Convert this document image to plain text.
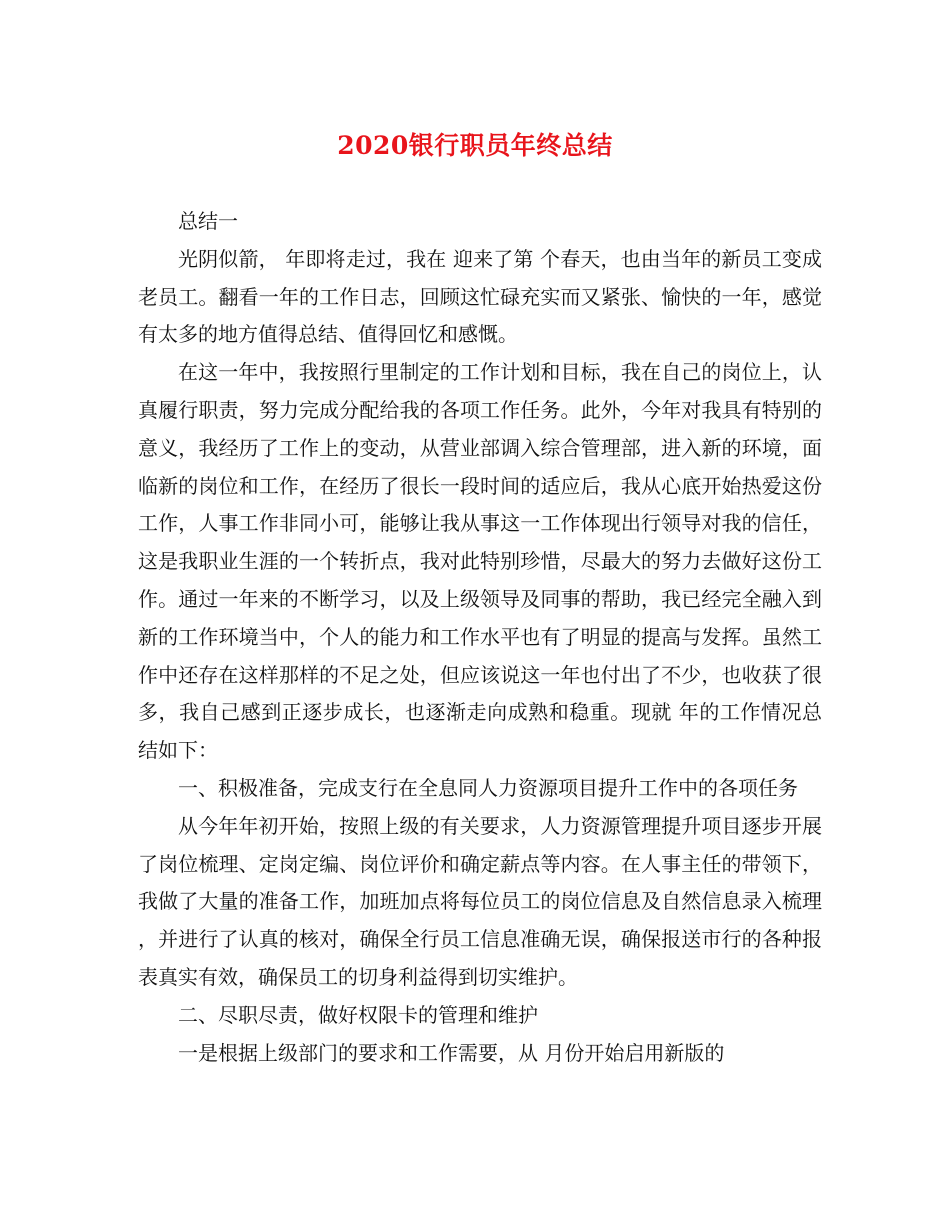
2020银行职员年终总结

总结一

光阴似箭， 年即将走过，我在 迎来了第 个春天，也由当年的新员工变成老员工。翻看一年的工作日志，回顾这忙碌充实而又紧张、愉快的一年，感觉有太多的地方值得总结、值得回忆和感慨。

在这一年中，我按照行里制定的工作计划和目标，我在自己的岗位上，认真履行职责，努力完成分配给我的各项工作任务。此外，今年对我具有特别的意义，我经历了工作上的变动，从营业部调入综合管理部，进入新的环境，面临新的岗位和工作，在经历了很长一段时间的适应后，我从心底开始热爱这份工作，人事工作非同小可，能够让我从事这一工作体现出行领导对我的信任，这是我职业生涯的一个转折点，我对此特别珍惜，尽最大的努力去做好这份工作。通过一年来的不断学习，以及上级领导及同事的帮助，我已经完全融入到新的工作环境当中，个人的能力和工作水平也有了明显的提高与发挥。虽然工作中还存在这样那样的不足之处，但应该说这一年也付出了不少，也收获了很多，我自己感到正逐步成长，也逐渐走向成熟和稳重。现就 年的工作情况总结如下：

一、积极准备，完成支行在全息同人力资源项目提升工作中的各项任务

从今年年初开始，按照上级的有关要求，人力资源管理提升项目逐步开展了岗位梳理、定岗定编、岗位评价和确定薪点等内容。在人事主任的带领下，我做了大量的准备工作，加班加点将每位员工的岗位信息及自然信息录入梳理，并进行了认真的核对，确保全行员工信息准确无误，确保报送市行的各种报表真实有效，确保员工的切身利益得到切实维护。

二、尽职尽责，做好权限卡的管理和维护

一是根据上级部门的要求和工作需要，从 月份开始启用新版的
